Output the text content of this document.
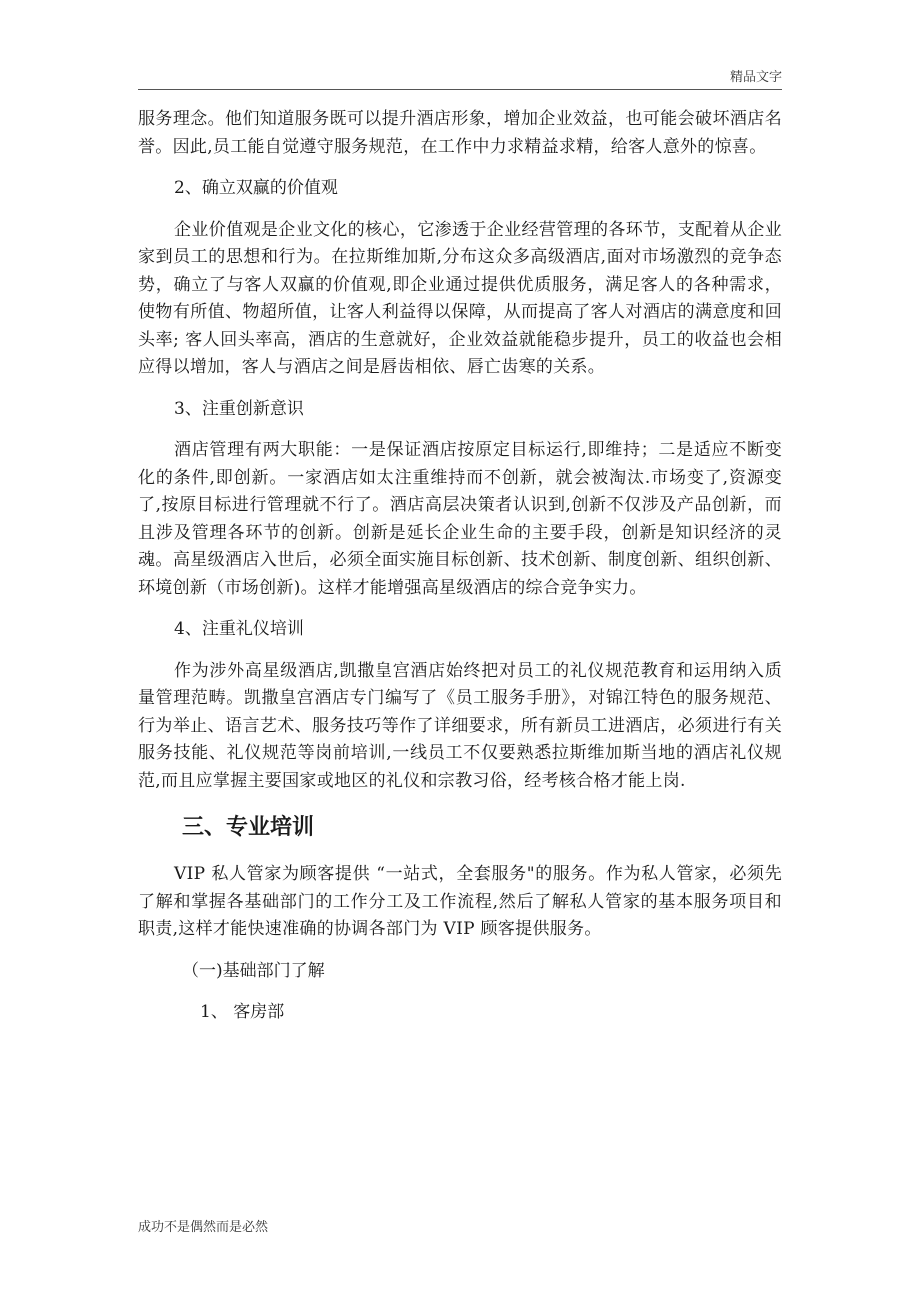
精品文字

服务理念。他们知道服务既可以提升酒店形象，增加企业效益，也可能会破坏酒店名誉。因此,员工能自觉遵守服务规范，在工作中力求精益求精，给客人意外的惊喜。

2、确立双赢的价值观

企业价值观是企业文化的核心，它渗透于企业经营管理的各环节，支配着从企业家到员工的思想和行为。在拉斯维加斯,分布这众多高级酒店,面对市场激烈的竞争态势，确立了与客人双赢的价值观,即企业通过提供优质服务，满足客人的各种需求，使物有所值、物超所值，让客人利益得以保障，从而提高了客人对酒店的满意度和回头率; 客人回头率高，酒店的生意就好，企业效益就能稳步提升，员工的收益也会相应得以增加，客人与酒店之间是唇齿相依、唇亡齿寒的关系。

3、注重创新意识

酒店管理有两大职能：一是保证酒店按原定目标运行,即维持；二是适应不断变化的条件,即创新。一家酒店如太注重维持而不创新，就会被淘汰.市场变了,资源变了,按原目标进行管理就不行了。酒店高层决策者认识到,创新不仅涉及产品创新，而且涉及管理各环节的创新。创新是延长企业生命的主要手段，创新是知识经济的灵魂。高星级酒店入世后，必须全面实施目标创新、技术创新、制度创新、组织创新、环境创新（市场创新)。这样才能增强高星级酒店的综合竞争实力。

4、注重礼仪培训

作为涉外高星级酒店,凯撒皇宫酒店始终把对员工的礼仪规范教育和运用纳入质量管理范畴。凯撒皇宫酒店专门编写了《员工服务手册》，对锦江特色的服务规范、行为举止、语言艺术、服务技巧等作了详细要求，所有新员工进酒店，必须进行有关服务技能、礼仪规范等岗前培训,一线员工不仅要熟悉拉斯维加斯当地的酒店礼仪规范,而且应掌握主要国家或地区的礼仪和宗教习俗，经考核合格才能上岗.

三、专业培训

VIP 私人管家为顾客提供 “一站式，全套服务"的服务。作为私人管家，必须先了解和掌握各基础部门的工作分工及工作流程,然后了解私人管家的基本服务项目和职责,这样才能快速准确的协调各部门为 VIP 顾客提供服务。

（一)基础部门了解

1、 客房部

成功不是偶然而是必然
